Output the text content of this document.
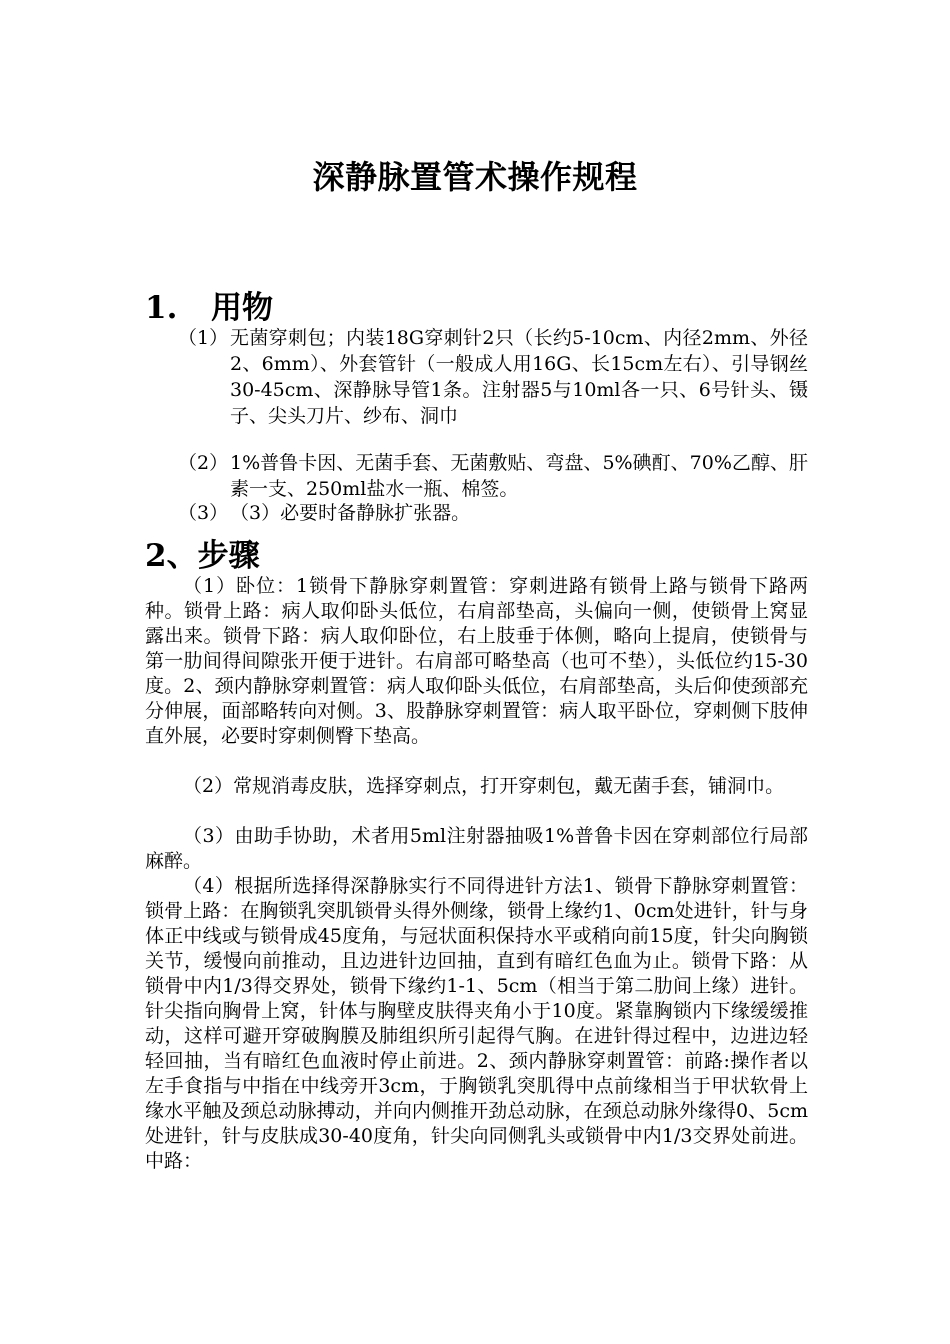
深静脉置管术操作规程
1. 用物
（1） 无菌穿刺包；内装18G穿刺针2只（长约5-10cm、内径2mm、外径2、6mm）、外套管针（一般成人用16G、长15cm左右）、引导钢丝30-45cm、深静脉导管1条。注射器5与10ml各一只、6号针头、镊子、尖头刀片、纱布、洞巾
（2） 1%普鲁卡因、无菌手套、无菌敷贴、弯盘、5%碘酊、70%乙醇、肝素一支、250ml盐水一瓶、棉签。
（3） （3）必要时备静脉扩张器。
2、步骤
（1）卧位：1锁骨下静脉穿刺置管：穿刺进路有锁骨上路与锁骨下路两种。锁骨上路：病人取仰卧头低位，右肩部垫高，头偏向一侧，使锁骨上窝显露出来。锁骨下路：病人取仰卧位，右上肢垂于体侧，略向上提肩，使锁骨与第一肋间得间隙张开便于进针。右肩部可略垫高（也可不垫），头低位约15-30度。2、颈内静脉穿刺置管：病人取仰卧头低位，右肩部垫高，头后仰使颈部充分伸展，面部略转向对侧。3、股静脉穿刺置管：病人取平卧位，穿刺侧下肢伸直外展，必要时穿刺侧臀下垫高。
（2）常规消毒皮肤，选择穿刺点，打开穿刺包，戴无菌手套，铺洞巾。
（3）由助手协助，术者用5ml注射器抽吸1%普鲁卡因在穿刺部位行局部麻醉。
（4）根据所选择得深静脉实行不同得进针方法1、锁骨下静脉穿刺置管：锁骨上路：在胸锁乳突肌锁骨头得外侧缘，锁骨上缘约1、0cm处进针，针与身体正中线或与锁骨成45度角，与冠状面积保持水平或稍向前15度，针尖向胸锁关节，缓慢向前推动，且边进针边回抽，直到有暗红色血为止。锁骨下路：从锁骨中内1/3得交界处，锁骨下缘约1-1、5cm（相当于第二肋间上缘）进针。针尖指向胸骨上窝，针体与胸壁皮肤得夹角小于10度。紧靠胸锁内下缘缓缓推动，这样可避开穿破胸膜及肺组织所引起得气胸。在进针得过程中，边进边轻轻回抽，当有暗红色血液时停止前进。2、颈内静脉穿刺置管：前路:操作者以左手食指与中指在中线旁开3cm，于胸锁乳突肌得中点前缘相当于甲状软骨上缘水平触及颈总动脉搏动，并向内侧推开劲总动脉，在颈总动脉外缘得0、5cm处进针，针与皮肤成30-40度角，针尖向同侧乳头或锁骨中内1/3交界处前进。中路：
